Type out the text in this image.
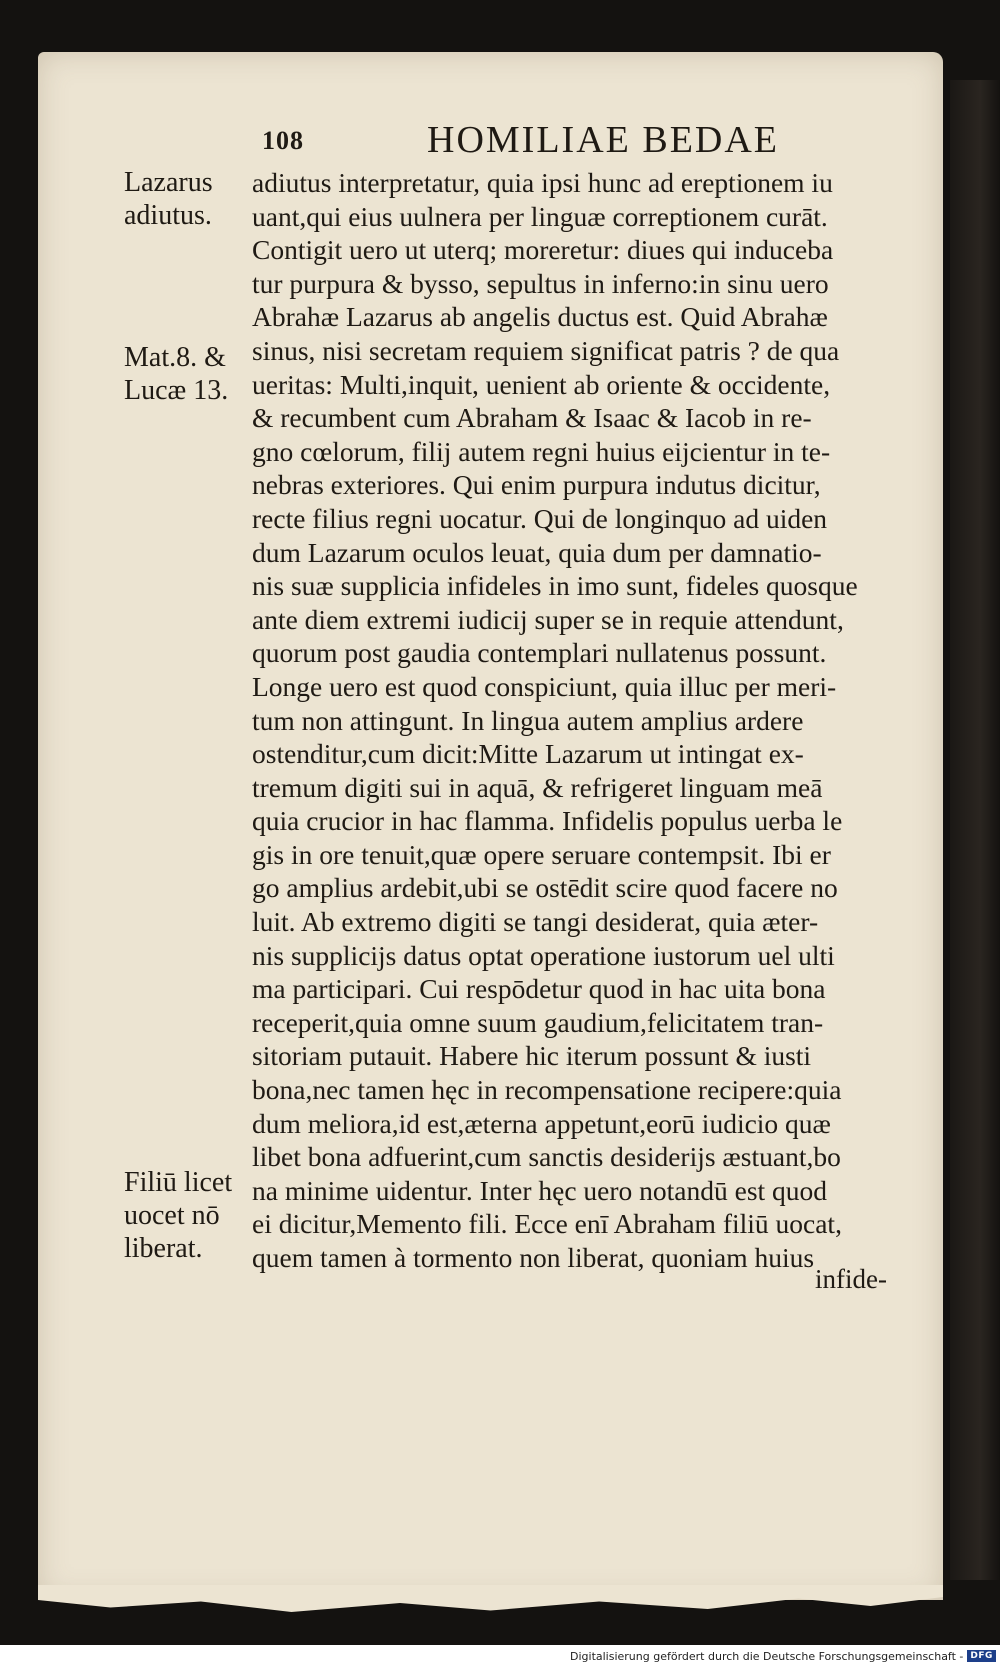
108	HOMILIAE BEDAE
Lazarus
adiutus.
Mat.8. &
Lucæ 13.
Filiū licet
uocet nō
liberat.
adiutus interpretatur, quia ipsi hunc ad ereptionem iu
uant,qui eius uulnera per linguæ correptionem curāt.
Contigit uero ut uterq; moreretur: diues qui induceba
tur purpura & bysso, sepultus in inferno:in sinu uero
Abrahæ Lazarus ab angelis ductus est. Quid Abrahæ
sinus, nisi secretam requiem significat patris ? de qua
ueritas: Multi,inquit, uenient ab oriente & occidente,
& recumbent cum Abraham & Isaac & Iacob in re-
gno cœlorum, filij autem regni huius eijcientur in te-
nebras exteriores. Qui enim purpura indutus dicitur,
recte filius regni uocatur. Qui de longinquo ad uiden
dum Lazarum oculos leuat, quia dum per damnatio-
nis suæ supplicia infideles in imo sunt, fideles quosque
ante diem extremi iudicij super se in requie attendunt,
quorum post gaudia contemplari nullatenus possunt.
Longe uero est quod conspiciunt, quia illuc per meri-
tum non attingunt. In lingua autem amplius ardere
ostenditur,cum dicit:Mitte Lazarum ut intingat ex-
tremum digiti sui in aquā, & refrigeret linguam meā
quia crucior in hac flamma. Infidelis populus uerba le
gis in ore tenuit,quæ opere seruare contempsit. Ibi er
go amplius ardebit,ubi se ostēdit scire quod facere no
luit. Ab extremo digiti se tangi desiderat, quia æter-
nis supplicijs datus optat operatione iustorum uel ulti
ma participari. Cui respōdetur quod in hac uita bona
receperit,quia omne suum gaudium,felicitatem tran-
sitoriam putauit. Habere hic iterum possunt & iusti
bona,nec tamen hęc in recompensatione recipere:quia
dum meliora,id est,æterna appetunt,eorū iudicio quæ
libet bona adfuerint,cum sanctis desiderijs æstuant,bo
na minime uidentur. Inter hęc uero notandū est quod
ei dicitur,Memento fili. Ecce enī Abraham filiū uocat,
quem tamen à tormento non liberat, quoniam huius
infide-
Digitalisierung gefördert durch die Deutsche Forschungsgemeinschaft - DFG
